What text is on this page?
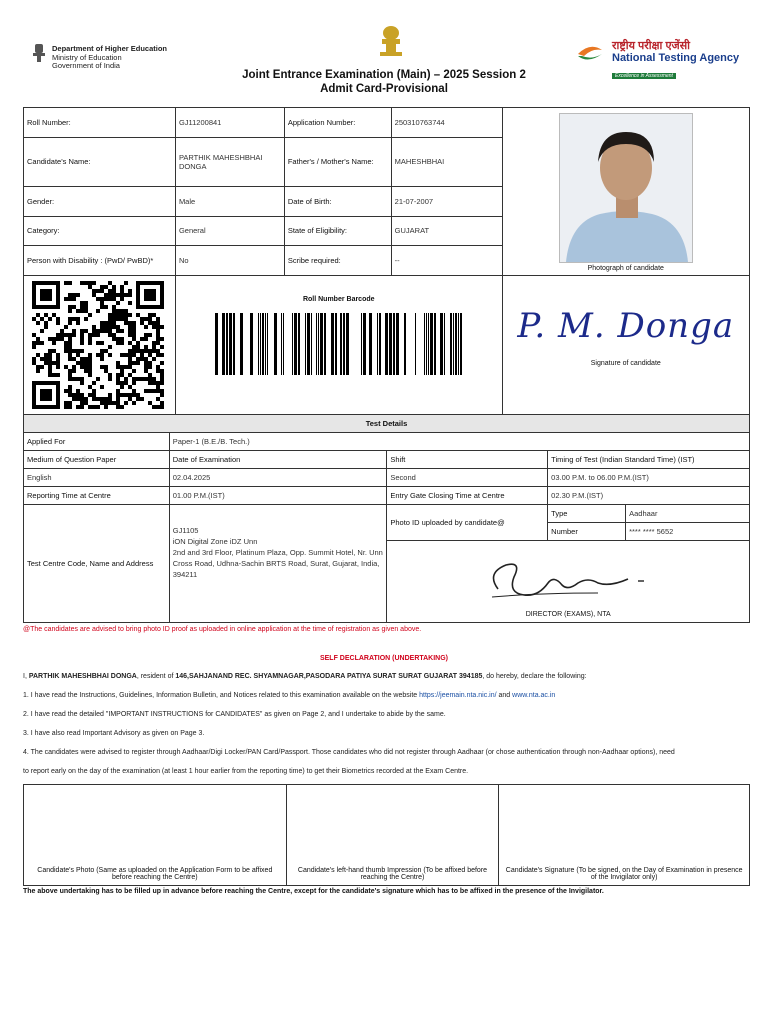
Department of Higher Education
Ministry of Education
Government of India
राष्ट्रीय परीक्षा एजेंसी
National Testing Agency
Excellence in Assessment
Joint Entrance Examination (Main) – 2025 Session 2
Admit Card-Provisional
Roll Number:	GJ11200841	Application Number:	250310763744	Photograph of candidate

Candidate's Name:	PARTHIK MAHESHBHAI DONGA	Father's / Mother's Name:	MAHESHBHAI	
Gender:	Male	Date of Birth:	21-07-2007	
Category:	General	State of Eligibility:	GUJARAT	
Person with Disability : (PwD/ PwBD)*	No	Scribe required:	--	

Roll Number Barcode			P. M. Donga
Signature of candidate
Test Details				
Applied For	Paper-1 (B.E./B. Tech.)			
Medium of Question Paper	Date of Examination	Shift	Timing of Test (Indian Standard Time) (IST)	
English	02.04.2025	Second	03.00 P.M. to 06.00 P.M.(IST)	
Reporting Time at Centre	01.00 P.M.(IST)	Entry Gate Closing Time at Centre	02.30 P.M.(IST)	
Test Centre Code, Name and Address	GJ1105
iON Digital Zone iDZ Unn
2nd and 3rd Floor, Platinum Plaza, Opp. Summit Hotel, Nr. Unn Cross Road, Udhna-Sachin BRTS Road, Surat, Gujarat, India, 394211	Photo ID uploaded by candidate@	Type	Aadhaar
			Number	**** **** 5652

		DIRECTOR (EXAMS), NTA		
@The candidates are advised to bring photo ID proof as uploaded in online application at the time of registration as given above.
SELF DECLARATION (UNDERTAKING)
I, PARTHIK MAHESHBHAI DONGA, resident of 146,SAHJANAND REC. SHYAMNAGAR,PASODARA PATIYA SURAT SURAT GUJARAT 394185, do hereby, declare the following:
1. I have read the Instructions, Guidelines, Information Bulletin, and Notices related to this examination available on the website https://jeemain.nta.nic.in/ and www.nta.ac.in
2. I have read the detailed "IMPORTANT INSTRUCTIONS for CANDIDATES" as given on Page 2, and I undertake to abide by the same.
3. I have also read Important Advisory as given on Page 3.
4. The candidates were advised to register through Aadhaar/Digi Locker/PAN Card/Passport. Those candidates who did not register through Aadhaar (or chose authentication through non-Aadhaar options), need
to report early on the day of the examination (at least 1 hour earlier from the reporting time) to get their Biometrics recorded at the Exam Centre.
Candidate's Photo (Same as uploaded on the Application Form to be affixed before reaching the Centre)	Candidate's left-hand thumb Impression (To be affixed before reaching the Centre)	Candidate's Signature (To be signed, on the Day of Examination in presence of the Invigilator only)
The above undertaking has to be filled up in advance before reaching the Centre, except for the candidate's signature which has to be affixed in the presence of the Invigilator.
